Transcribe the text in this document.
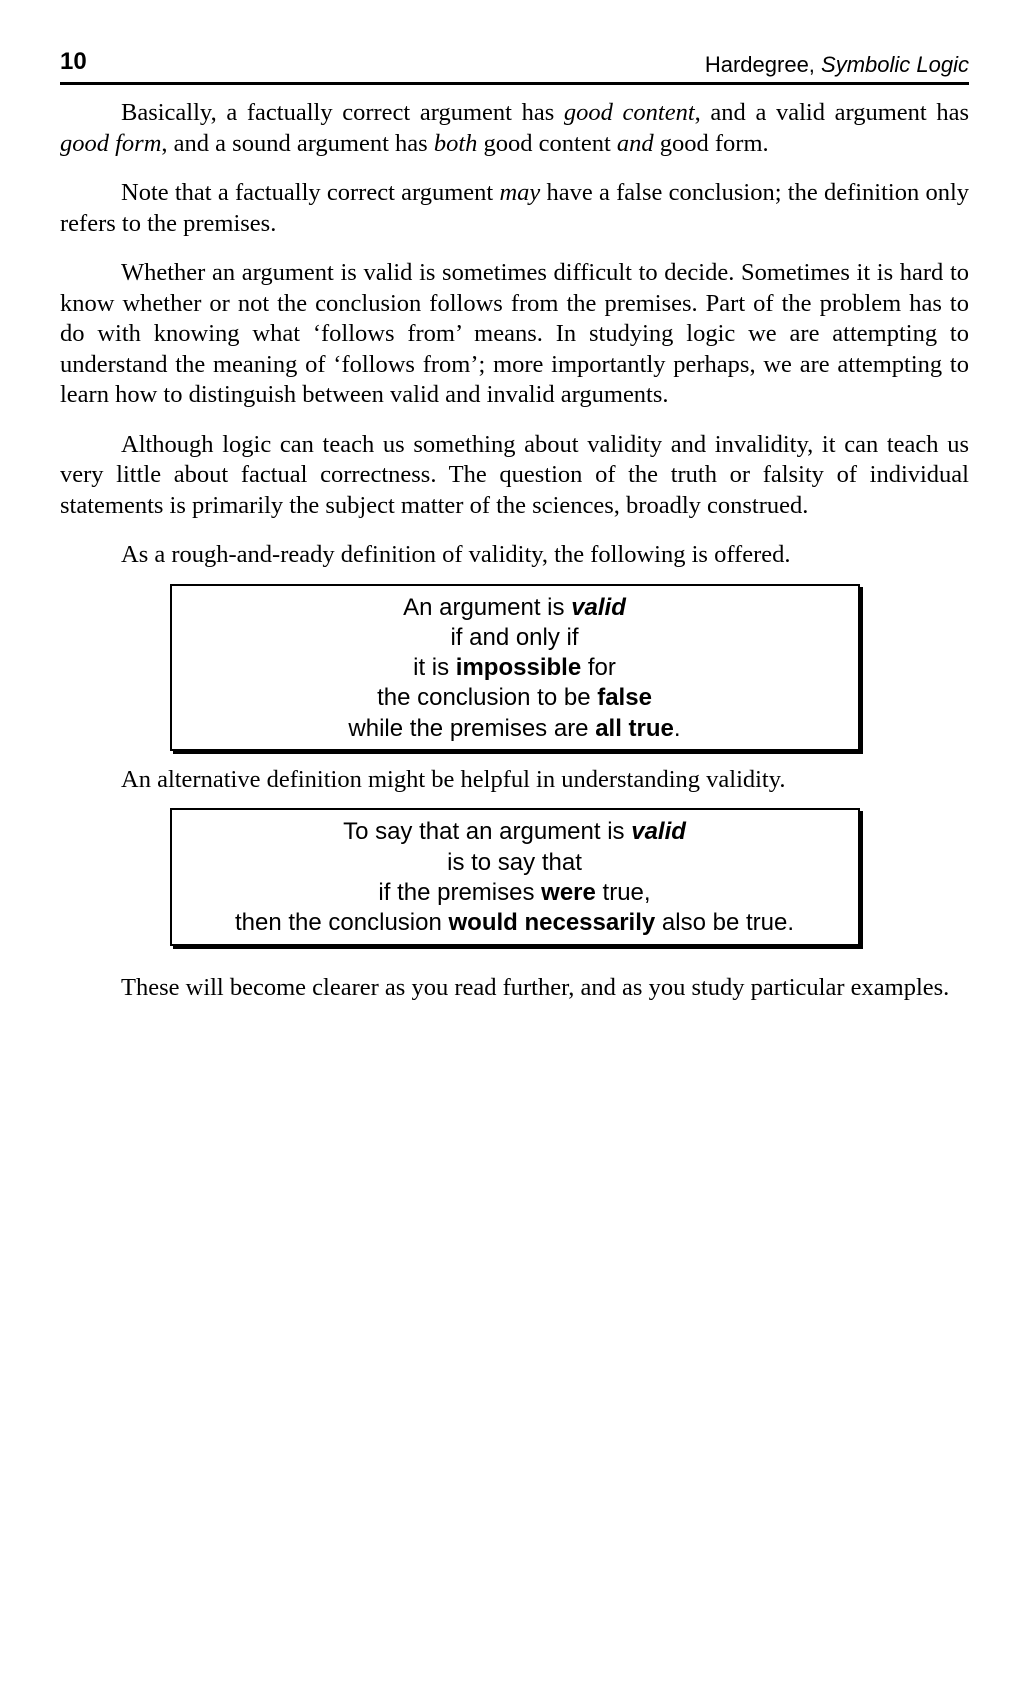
10	Hardegree, Symbolic Logic

Basically, a factually correct argument has good content, and a valid argument has good form, and a sound argument has both good content and good form.

Note that a factually correct argument may have a false conclusion; the definition only refers to the premises.

Whether an argument is valid is sometimes difficult to decide. Sometimes it is hard to know whether or not the conclusion follows from the premises. Part of the problem has to do with knowing what ‘follows from’ means. In studying logic we are attempting to understand the meaning of ‘follows from’; more importantly perhaps, we are attempting to learn how to distinguish between valid and invalid arguments.

Although logic can teach us something about validity and invalidity, it can teach us very little about factual correctness. The question of the truth or falsity of individual statements is primarily the subject matter of the sciences, broadly construed.

As a rough-and-ready definition of validity, the following is offered.

An argument is valid
if and only if
it is impossible for
the conclusion to be false
while the premises are all true.

An alternative definition might be helpful in understanding validity.

To say that an argument is valid
is to say that
if the premises were true,
then the conclusion would necessarily also be true.

These will become clearer as you read further, and as you study particular examples.
